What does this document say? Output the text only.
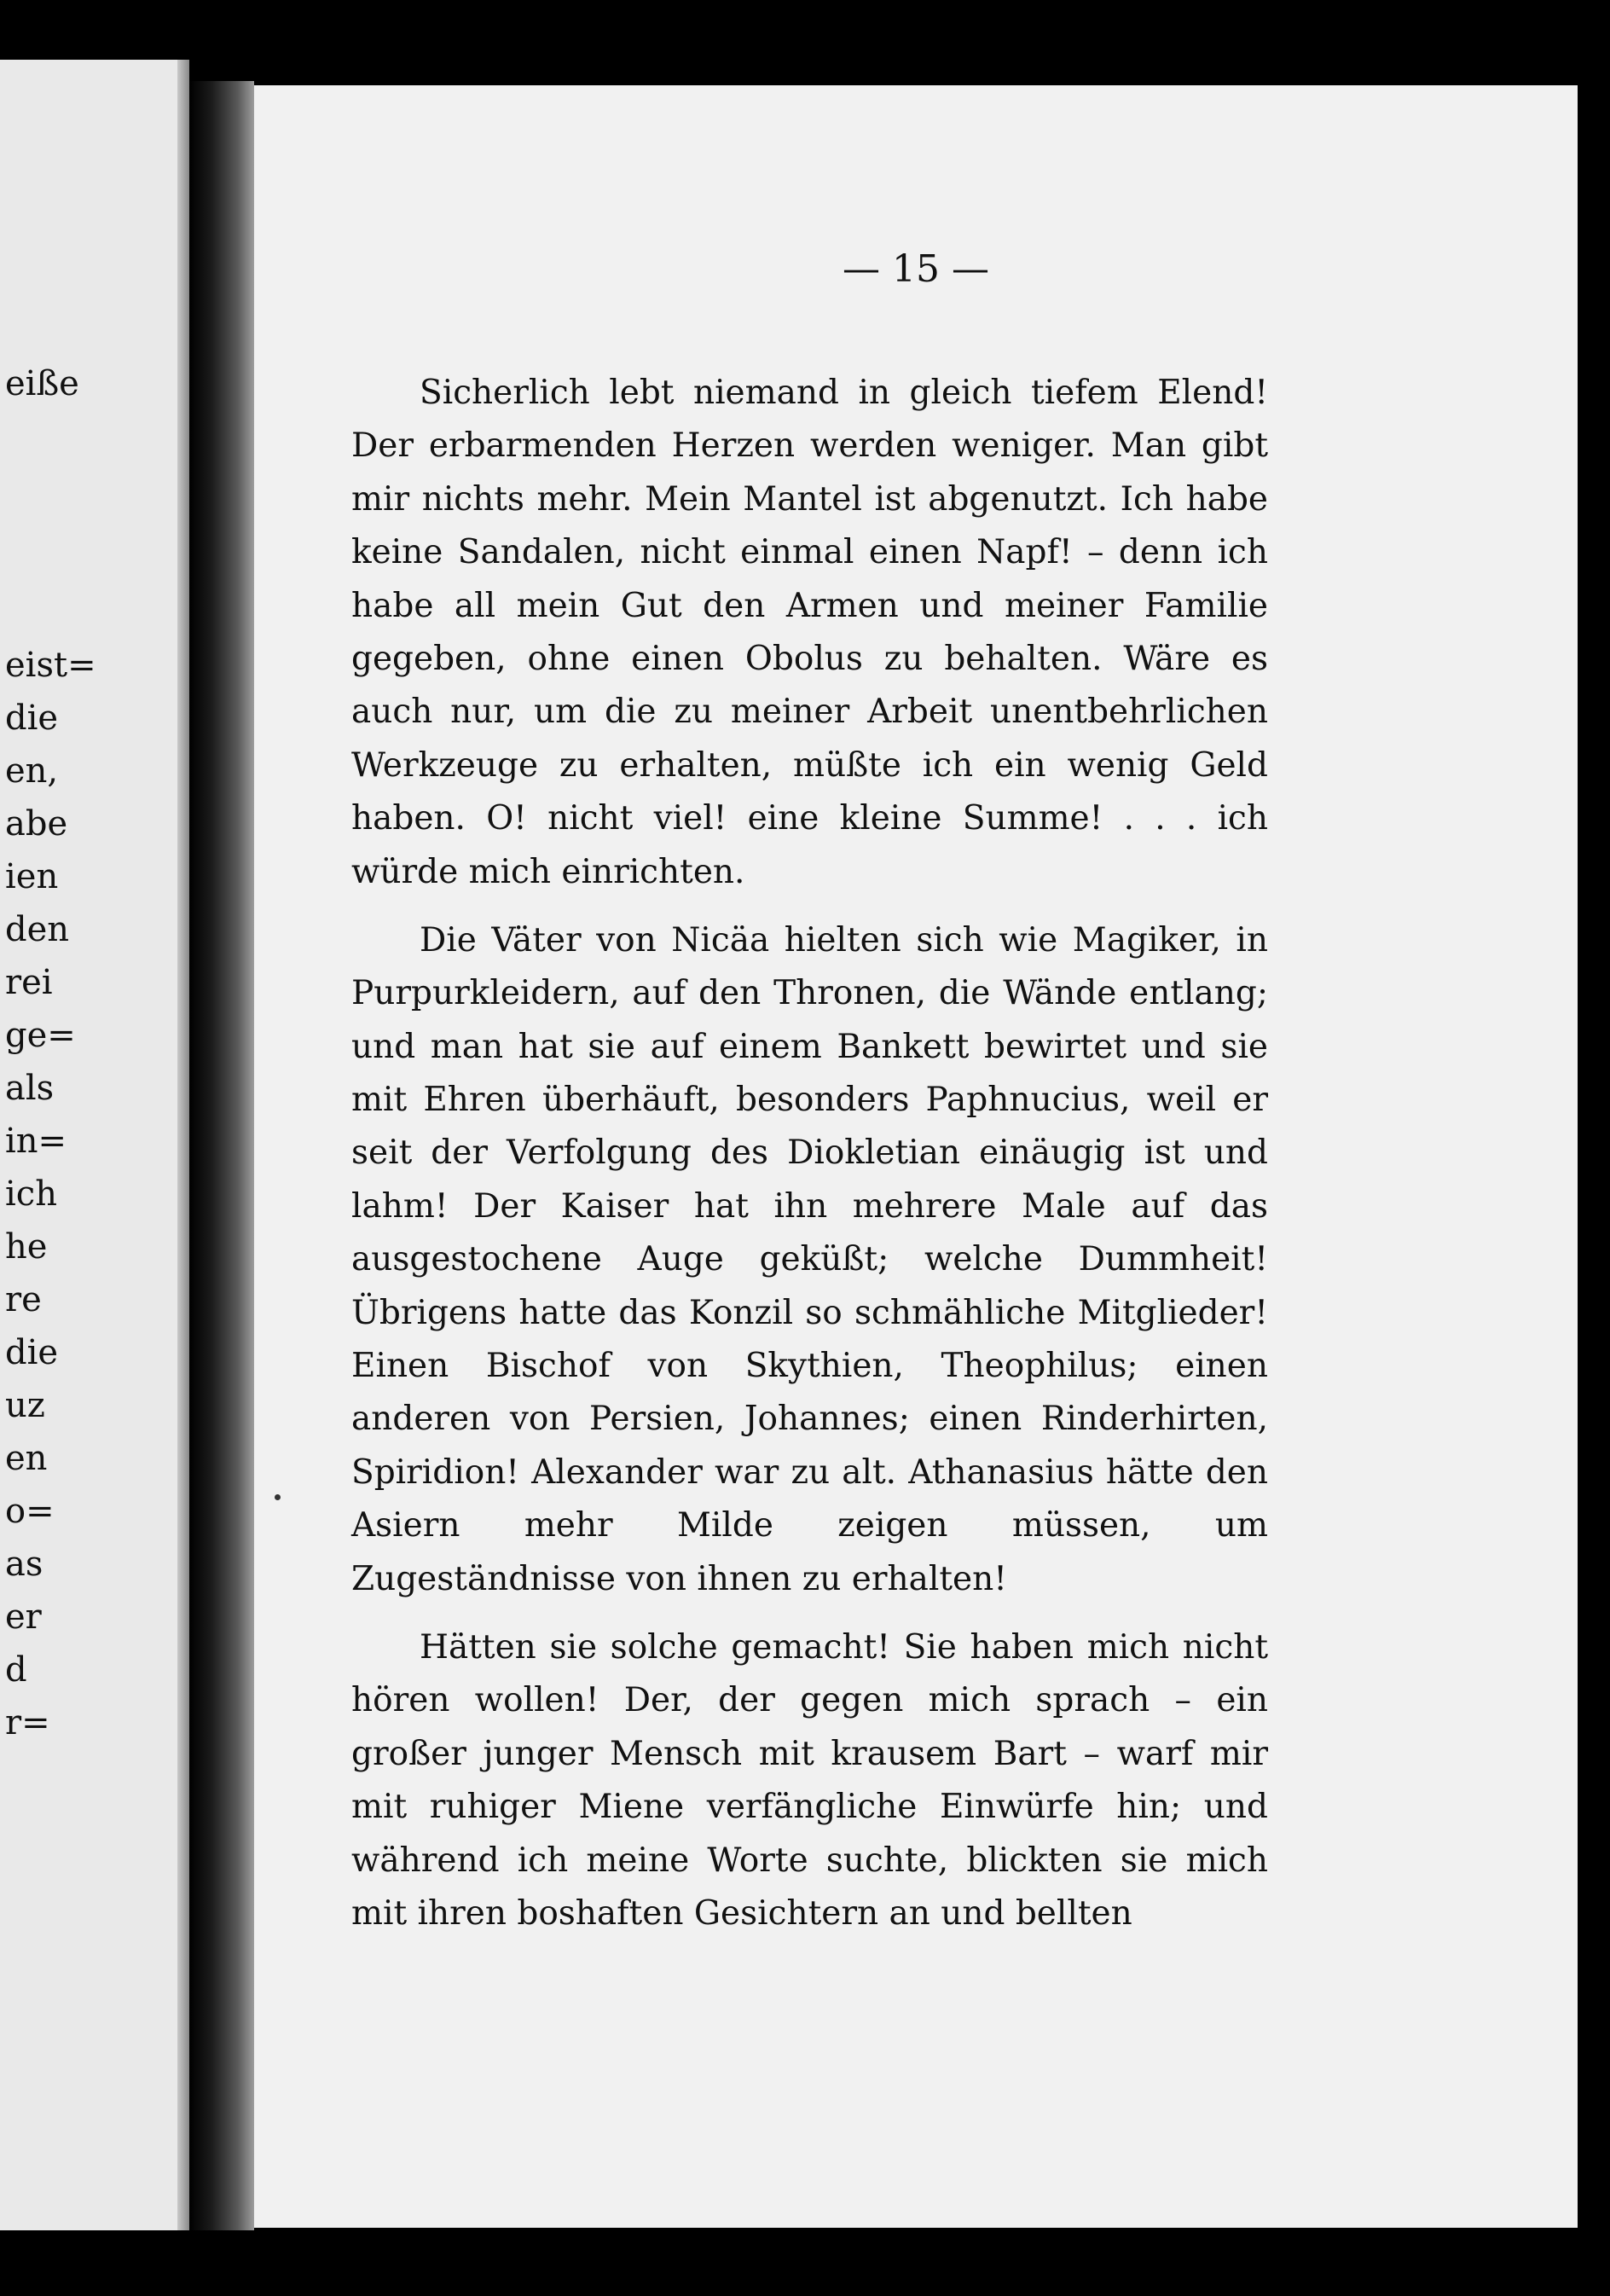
eiße
eist=
die
en,
abe
ien
den
rei
ge=
als
in=
ich
he
re
die
uz
en
o=
as
er
d
r=
— 15 —

Sicherlich lebt niemand in gleich tiefem Elend! Der erbarmenden Herzen werden weniger. Man gibt mir nichts mehr. Mein Mantel ist abgenutzt. Ich habe keine Sandalen, nicht einmal einen Napf! – denn ich habe all mein Gut den Armen und meiner Familie gegeben, ohne einen Obolus zu behalten. Wäre es auch nur, um die zu meiner Arbeit unentbehrlichen Werkzeuge zu erhalten, müßte ich ein wenig Geld haben. O! nicht viel! eine kleine Summe! . . . ich würde mich einrichten.

Die Väter von Nicäa hielten sich wie Magiker, in Purpurkleidern, auf den Thronen, die Wände entlang; und man hat sie auf einem Bankett bewirtet und sie mit Ehren überhäuft, besonders Paphnucius, weil er seit der Verfolgung des Diokletian einäugig ist und lahm! Der Kaiser hat ihn mehrere Male auf das ausgestochene Auge geküßt; welche Dummheit! Übrigens hatte das Konzil so schmähliche Mitglieder! Einen Bischof von Skythien, Theophilus; einen anderen von Persien, Johannes; einen Rinderhirten, Spiridion! Alexander war zu alt. Athanasius hätte den Asiern mehr Milde zeigen müssen, um Zugeständnisse von ihnen zu erhalten!

Hätten sie solche gemacht! Sie haben mich nicht hören wollen! Der, der gegen mich sprach – ein großer junger Mensch mit krausem Bart – warf mir mit ruhiger Miene verfängliche Einwürfe hin; und während ich meine Worte suchte, blickten sie mich mit ihren boshaften Gesichtern an und bellten
